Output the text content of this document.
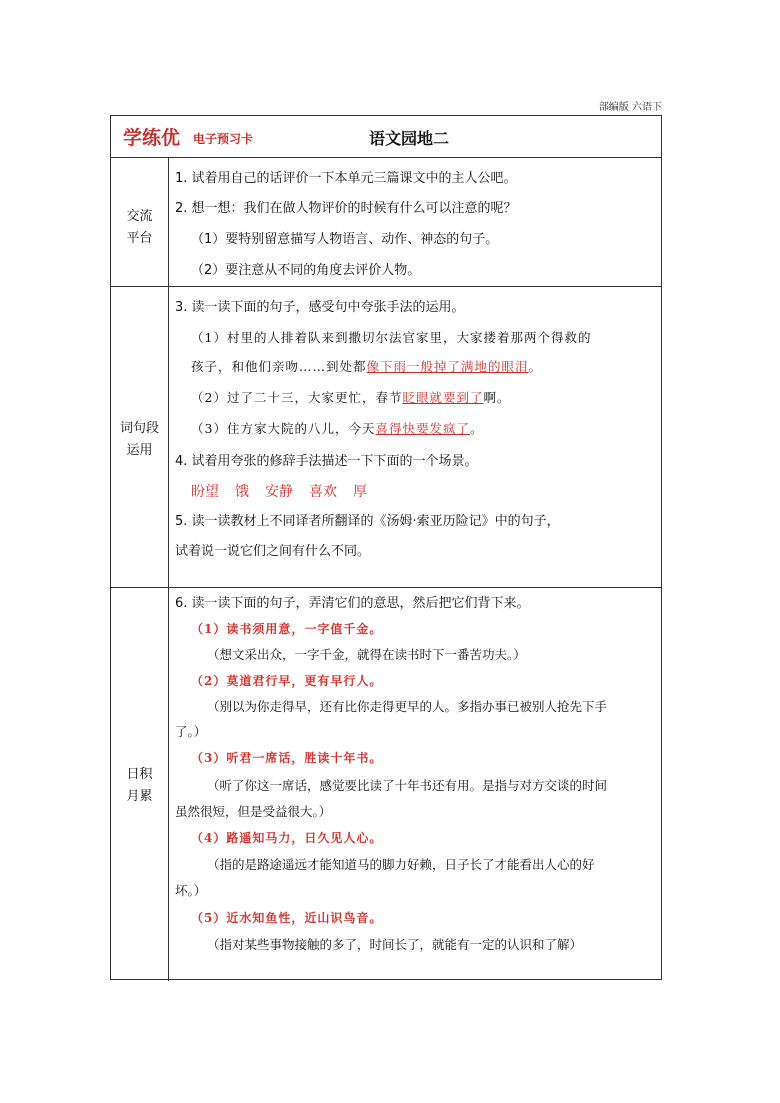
部编版 六语下
学练优 电子预习卡	语文园地二
交流
平台
1. 试着用自己的话评价一下本单元三篇课文中的主人公吧。
2. 想一想：我们在做人物评价的时候有什么可以注意的呢？
（1）要特别留意描写人物语言、动作、神态的句子。
（2）要注意从不同的角度去评价人物。
词句段
运用
3. 读一读下面的句子，感受句中夸张手法的运用。
（1）村里的人排着队来到撒切尔法官家里，大家搂着那两个得救的
孩子，和他们亲吻……到处都像下雨一般掉了满地的眼泪。
（2）过了二十三，大家更忙，春节眨眼就要到了啊。
（3）住方家大院的八儿，今天喜得快要发疯了。
4. 试着用夸张的修辞手法描述一下下面的一个场景。
盼望 饿 安静 喜欢 厚
5. 读一读教材上不同译者所翻译的《汤姆·索亚历险记》中的句子，
试着说一说它们之间有什么不同。
日积
月累
6. 读一读下面的句子，弄清它们的意思，然后把它们背下来。
（1）读书须用意，一字值千金。
（想文采出众，一字千金，就得在读书时下一番苦功夫。）
（2）莫道君行早，更有早行人。
（别以为你走得早，还有比你走得更早的人。多指办事已被别人抢先下手
了。）
（3）听君一席话，胜读十年书。
（听了你这一席话，感觉要比读了十年书还有用。是指与对方交谈的时间
虽然很短，但是受益很大。）
（4）路遥知马力，日久见人心。
（指的是路途遥远才能知道马的脚力好赖，日子长了才能看出人心的好
坏。）
（5）近水知鱼性，近山识鸟音。
（指对某些事物接触的多了，时间长了，就能有一定的认识和了解）
